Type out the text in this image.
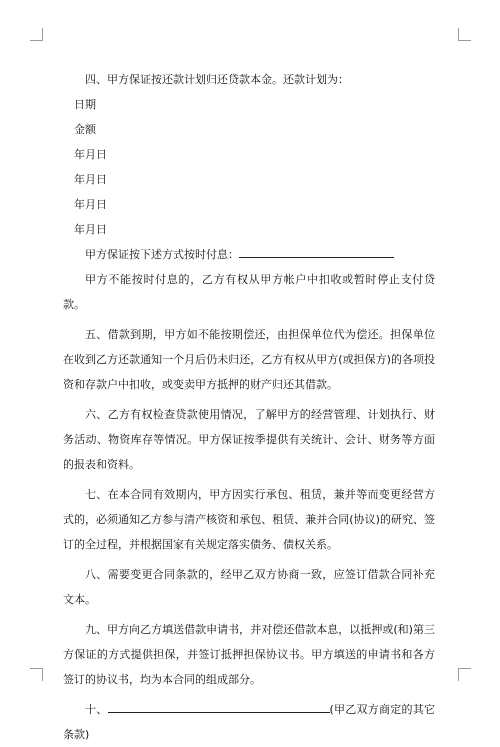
四、甲方保证按还款计划归还贷款本金。还款计划为：

日期

金额

年月日

年月日

年月日

年月日

甲方保证按下述方式按时付息：

甲方不能按时付息的，乙方有权从甲方帐户中扣收或暂时停止支付贷款。

五、借款到期，甲方如不能按期偿还，由担保单位代为偿还。担保单位在收到乙方还款通知一个月后仍未归还，乙方有权从甲方(或担保方)的各项投资和存款户中扣收，或变卖甲方抵押的财产归还其借款。

六、乙方有权检查贷款使用情况，了解甲方的经营管理、计划执行、财务活动、物资库存等情况。甲方保证按季提供有关统计、会计、财务等方面的报表和资料。

七、在本合同有效期内，甲方因实行承包、租赁，兼并等而变更经营方式的，必须通知乙方参与清产核资和承包、租赁、兼并合同(协议)的研究、签订的全过程，并根据国家有关规定落实债务、债权关系。

八、需要变更合同条款的，经甲乙双方协商一致，应签订借款合同补充文本。

九、甲方向乙方填送借款申请书，并对偿还借款本息，以抵押或(和)第三方保证的方式提供担保，并签订抵押担保协议书。甲方填送的申请书和各方签订的协议书，均为本合同的组成部分。

十、	(甲乙双方商定的其它条款)
